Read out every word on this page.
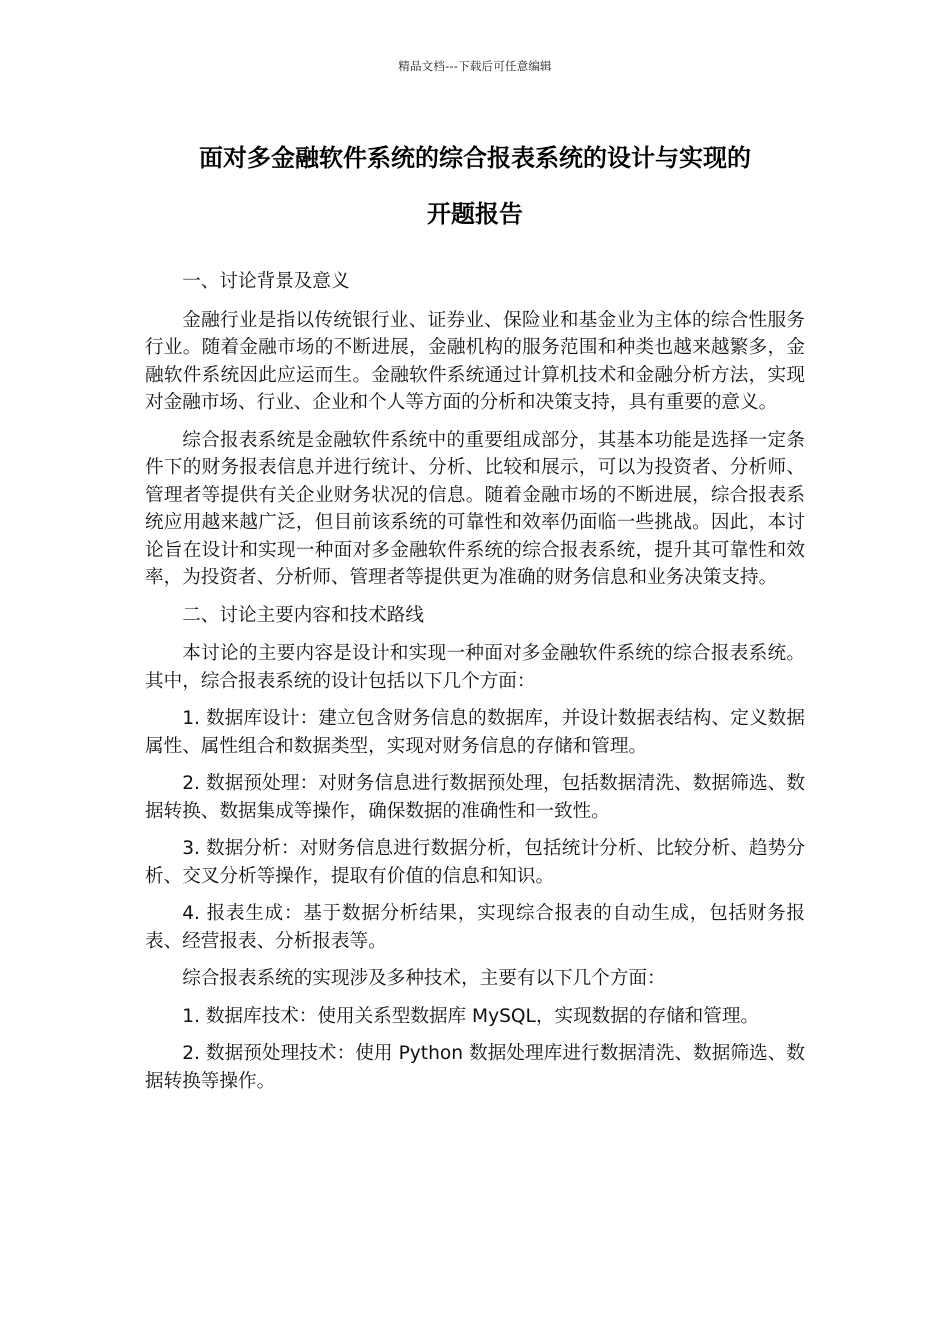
精品文档---下载后可任意编辑
面对多金融软件系统的综合报表系统的设计与实现的
开题报告

一、讨论背景及意义

金融行业是指以传统银行业、证券业、保险业和基金业为主体的综合性服务行业。随着金融市场的不断进展，金融机构的服务范围和种类也越来越繁多，金融软件系统因此应运而生。金融软件系统通过计算机技术和金融分析方法，实现对金融市场、行业、企业和个人等方面的分析和决策支持，具有重要的意义。

综合报表系统是金融软件系统中的重要组成部分，其基本功能是选择一定条件下的财务报表信息并进行统计、分析、比较和展示，可以为投资者、分析师、管理者等提供有关企业财务状况的信息。随着金融市场的不断进展，综合报表系统应用越来越广泛，但目前该系统的可靠性和效率仍面临一些挑战。因此，本讨论旨在设计和实现一种面对多金融软件系统的综合报表系统，提升其可靠性和效率，为投资者、分析师、管理者等提供更为准确的财务信息和业务决策支持。

二、讨论主要内容和技术路线

本讨论的主要内容是设计和实现一种面对多金融软件系统的综合报表系统。其中，综合报表系统的设计包括以下几个方面：

1. 数据库设计：建立包含财务信息的数据库，并设计数据表结构、定义数据属性、属性组合和数据类型，实现对财务信息的存储和管理。

2. 数据预处理：对财务信息进行数据预处理，包括数据清洗、数据筛选、数据转换、数据集成等操作，确保数据的准确性和一致性。

3. 数据分析：对财务信息进行数据分析，包括统计分析、比较分析、趋势分析、交叉分析等操作，提取有价值的信息和知识。

4. 报表生成：基于数据分析结果，实现综合报表的自动生成，包括财务报表、经营报表、分析报表等。

综合报表系统的实现涉及多种技术，主要有以下几个方面：

1. 数据库技术：使用关系型数据库 MySQL，实现数据的存储和管理。

2. 数据预处理技术：使用 Python 数据处理库进行数据清洗、数据筛选、数据转换等操作。
